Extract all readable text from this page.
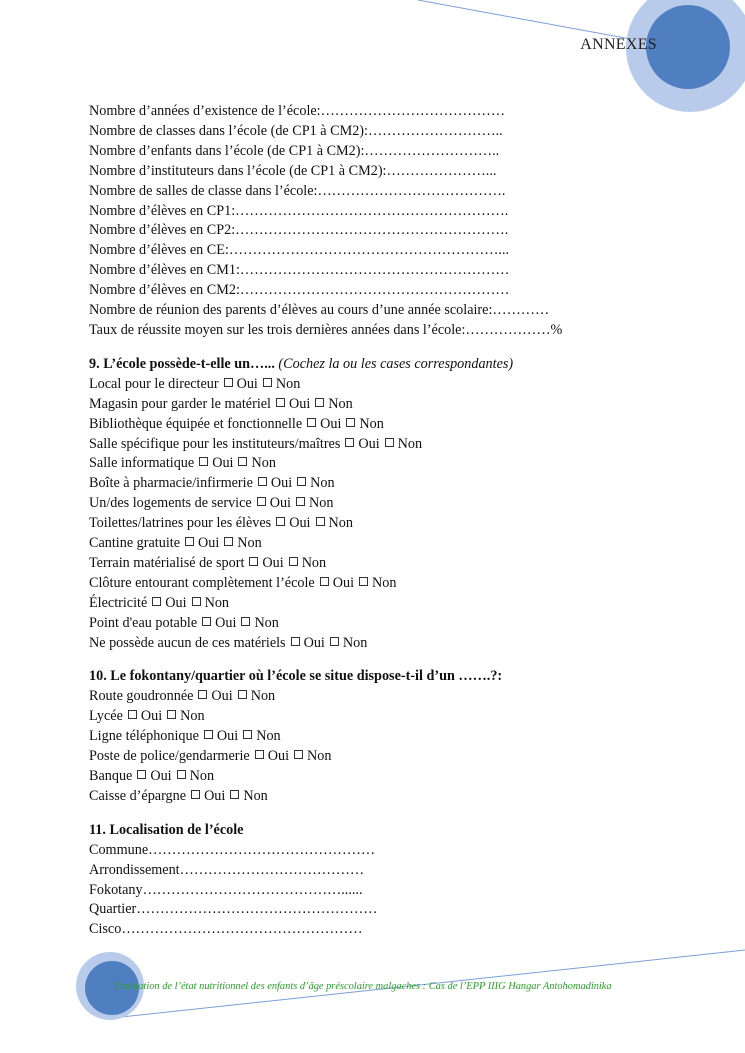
ANNEXES
Nombre d’années d’existence de l’école:…………………………………
Nombre de classes dans l’école (de CP1 à CM2):………………………..
Nombre d’enfants dans l’école (de CP1 à CM2):………………………..
Nombre d’instituteurs dans l’école (de CP1 à CM2):…………………...
Nombre de salles de classe dans l’école:………………………………….
Nombre d’élèves en CP1:………………………………………………….
Nombre d’élèves en CP2:………………………………………………….
Nombre d’élèves en CE:…………………………………………………...
Nombre d’élèves en CM1:…………………………………………………
Nombre d’élèves en CM2:…………………………………………………
Nombre de réunion des parents d’élèves au cours d’une année scolaire:…………
Taux de réussite moyen sur les trois dernières années dans l’école:………………%
9. L’école possède-t-elle un…... (Cochez la ou les cases correspondantes)
Local pour le directeur Oui Non
Magasin pour garder le matériel Oui Non
Bibliothèque équipée et fonctionnelle Oui Non
Salle spécifique pour les instituteurs/maîtres Oui Non
Salle informatique Oui Non
Boîte à pharmacie/infirmerie Oui Non
Un/des logements de service Oui Non
Toilettes/latrines pour les élèves Oui Non
Cantine gratuite Oui Non
Terrain matérialisé de sport Oui Non
Clôture entourant complètement l’école Oui Non
Électricité Oui Non
Point d'eau potable Oui Non
Ne possède aucun de ces matériels Oui Non
10. Le fokontany/quartier où l’école se situe dispose-t-il d’un …….?:
Route goudronnée Oui Non
Lycée Oui Non
Ligne téléphonique Oui Non
Poste de police/gendarmerie Oui Non
Banque Oui Non
Caisse d’épargne Oui Non
11. Localisation de l’école
Commune…………………………………………
Arrondissement…………………………………
Fokotany……………………………………......
Quartier……………………………………………
Cisco……………………………………………
Evaluation de l’état nutritionnel des enfants d’âge préscolaire malgaches : Cas de l’EPP IIIG Hangar Antohomadinika
